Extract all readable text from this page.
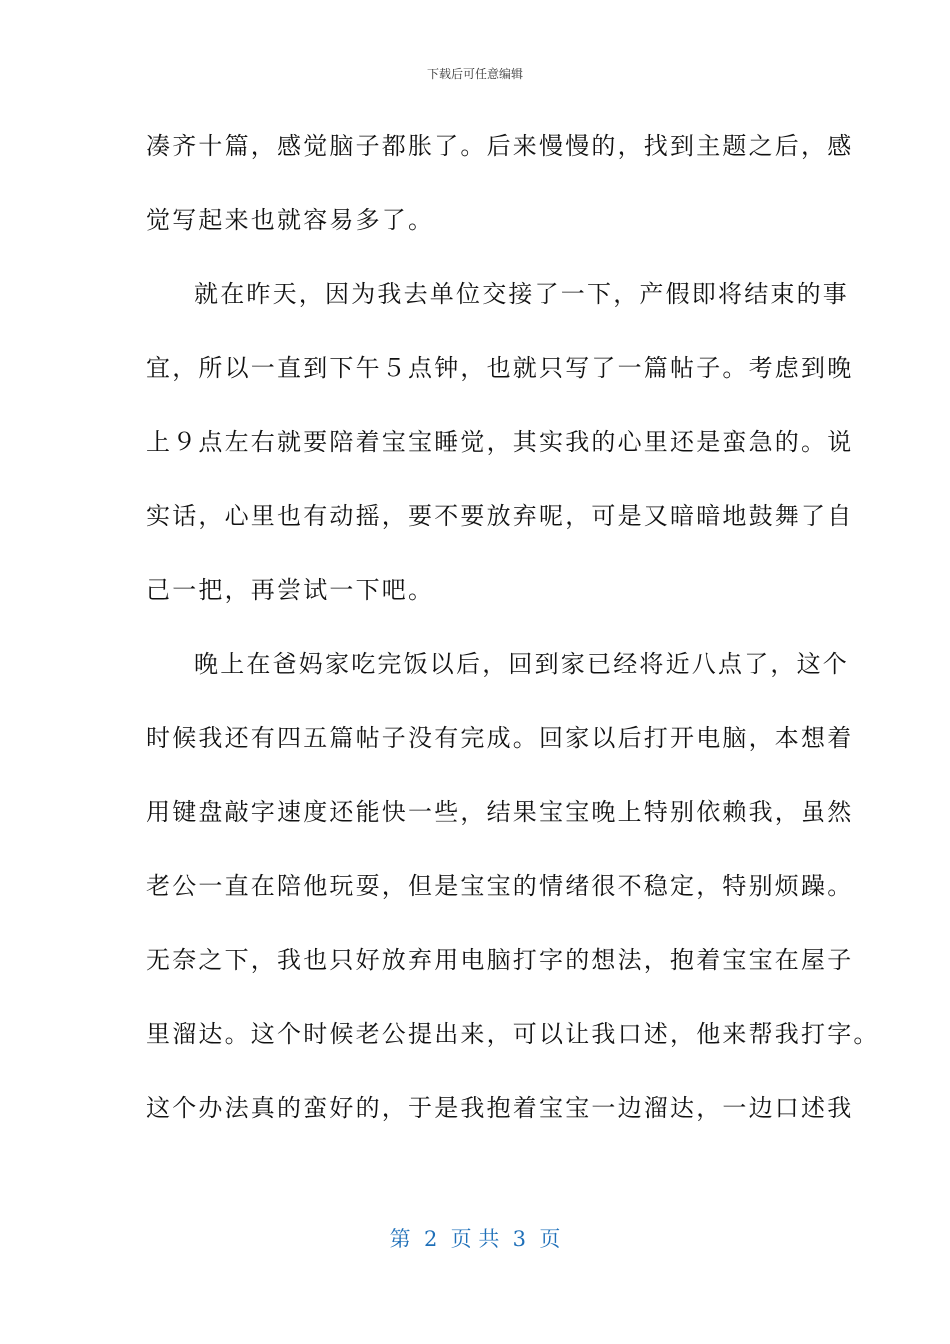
下载后可任意编辑
凑齐十篇，感觉脑子都胀了。后来慢慢的，找到主题之后，感
觉写起来也就容易多了。
就在昨天，因为我去单位交接了一下，产假即将结束的事
宜，所以一直到下午５点钟，也就只写了一篇帖子。考虑到晚
上９点左右就要陪着宝宝睡觉，其实我的心里还是蛮急的。说
实话，心里也有动摇，要不要放弃呢，可是又暗暗地鼓舞了自
己一把，再尝试一下吧。
晚上在爸妈家吃完饭以后，回到家已经将近八点了，这个
时候我还有四五篇帖子没有完成。回家以后打开电脑，本想着
用键盘敲字速度还能快一些，结果宝宝晚上特别依赖我，虽然
老公一直在陪他玩耍，但是宝宝的情绪很不稳定，特别烦躁。
无奈之下，我也只好放弃用电脑打字的想法，抱着宝宝在屋子
里溜达。这个时候老公提出来，可以让我口述，他来帮我打字。
这个办法真的蛮好的，于是我抱着宝宝一边溜达，一边口述我
第  2  页 共  3  页
